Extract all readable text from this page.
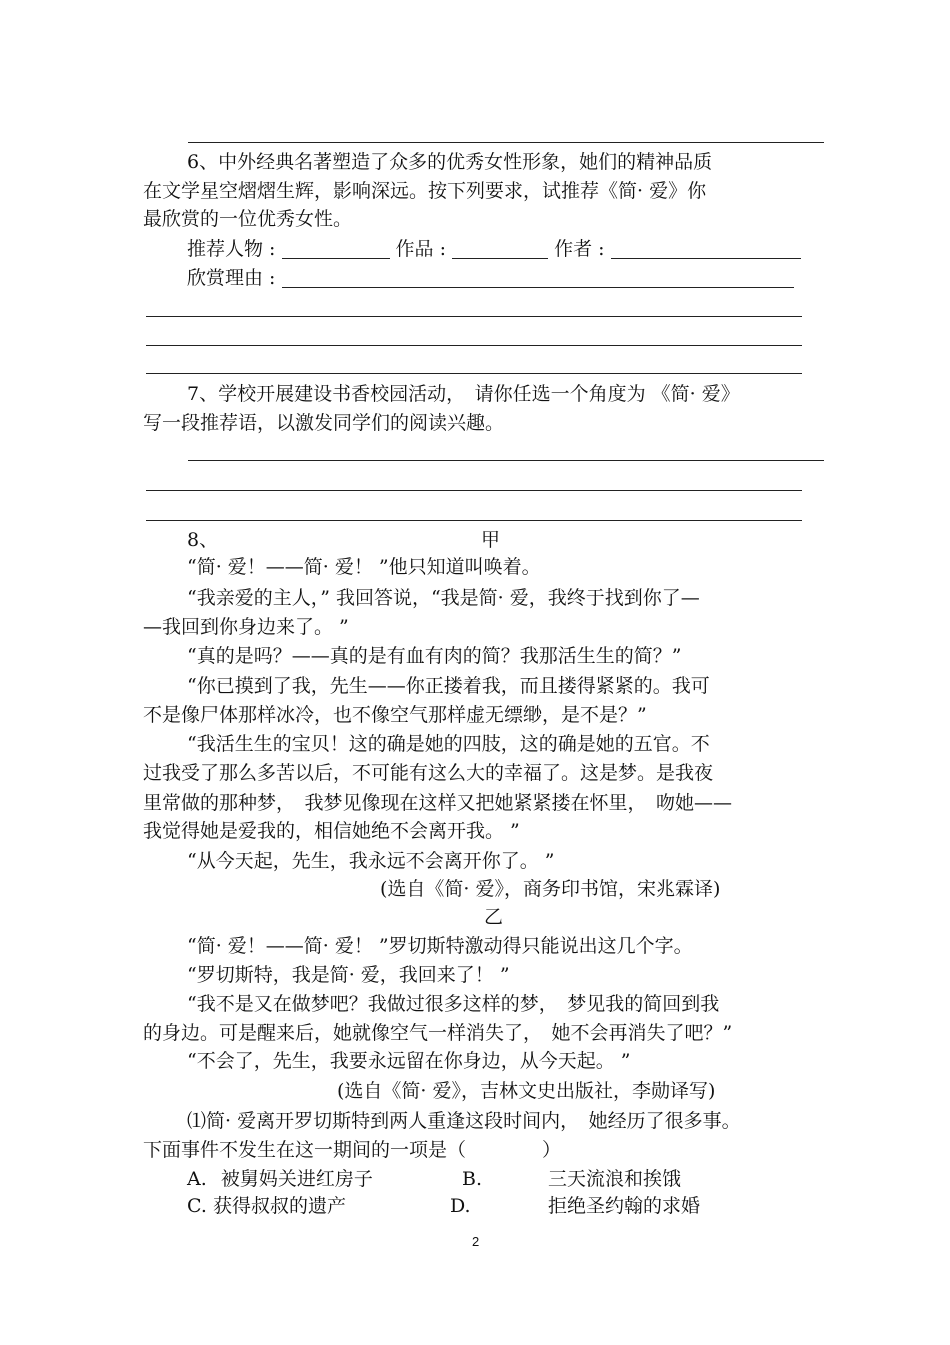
6、中外经典名著塑造了众多的优秀女性形象，她们的精神品质
在文学星空熠熠生辉，影响深远。按下列要求，试推荐《简· 爱》你
最欣赏的一位优秀女性。
推荐人物 :	作品 :	作者 :
欣赏理由 :
7、学校开展建设书香校园活动，　请你任选一个角度为 《简· 爱》
写一段推荐语，以激发同学们的阅读兴趣。
8、	甲
“简· 爱！——简· 爱！ ”他只知道叫唤着。
“我亲爱的主人，” 我回答说，“我是简· 爱，我终于找到你了—
—我回到你身边来了。 ”
“真的是吗？——真的是有血有肉的简？我那活生生的简？”
“你已摸到了我，先生——你正搂着我，而且搂得紧紧的。我可
不是像尸体那样冰冷，也不像空气那样虚无缥缈，是不是？”
“我活生生的宝贝！这的确是她的四肢，这的确是她的五官。不
过我受了那么多苦以后，不可能有这么大的幸福了。这是梦。是我夜
里常做的那种梦，　我梦见像现在这样又把她紧紧搂在怀里，　吻她——
我觉得她是爱我的，相信她绝不会离开我。 ”
“从今天起，先生，我永远不会离开你了。 ”
(选自《简· 爱》，商务印书馆，宋兆霖译)
乙
“简· 爱！——简· 爱！ ”罗切斯特激动得只能说出这几个字。
“罗切斯特，我是简· 爱，我回来了！ ”
“我不是又在做梦吧？我做过很多这样的梦，　梦见我的简回到我
的身边。可是醒来后，她就像空气一样消失了，　她不会再消失了吧？”
“不会了，先生，我要永远留在你身边，从今天起。 ”
(选自《简· 爱》，吉林文史出版社，李勋译写)
⑴简· 爱离开罗切斯特到两人重逢这段时间内，　她经历了很多事。
下面事件不发生在这一期间的一项是（　　　　）
A. 被舅妈关进红房子	B.	三天流浪和挨饿
C. 获得叔叔的遗产	D.	拒绝圣约翰的求婚
2
